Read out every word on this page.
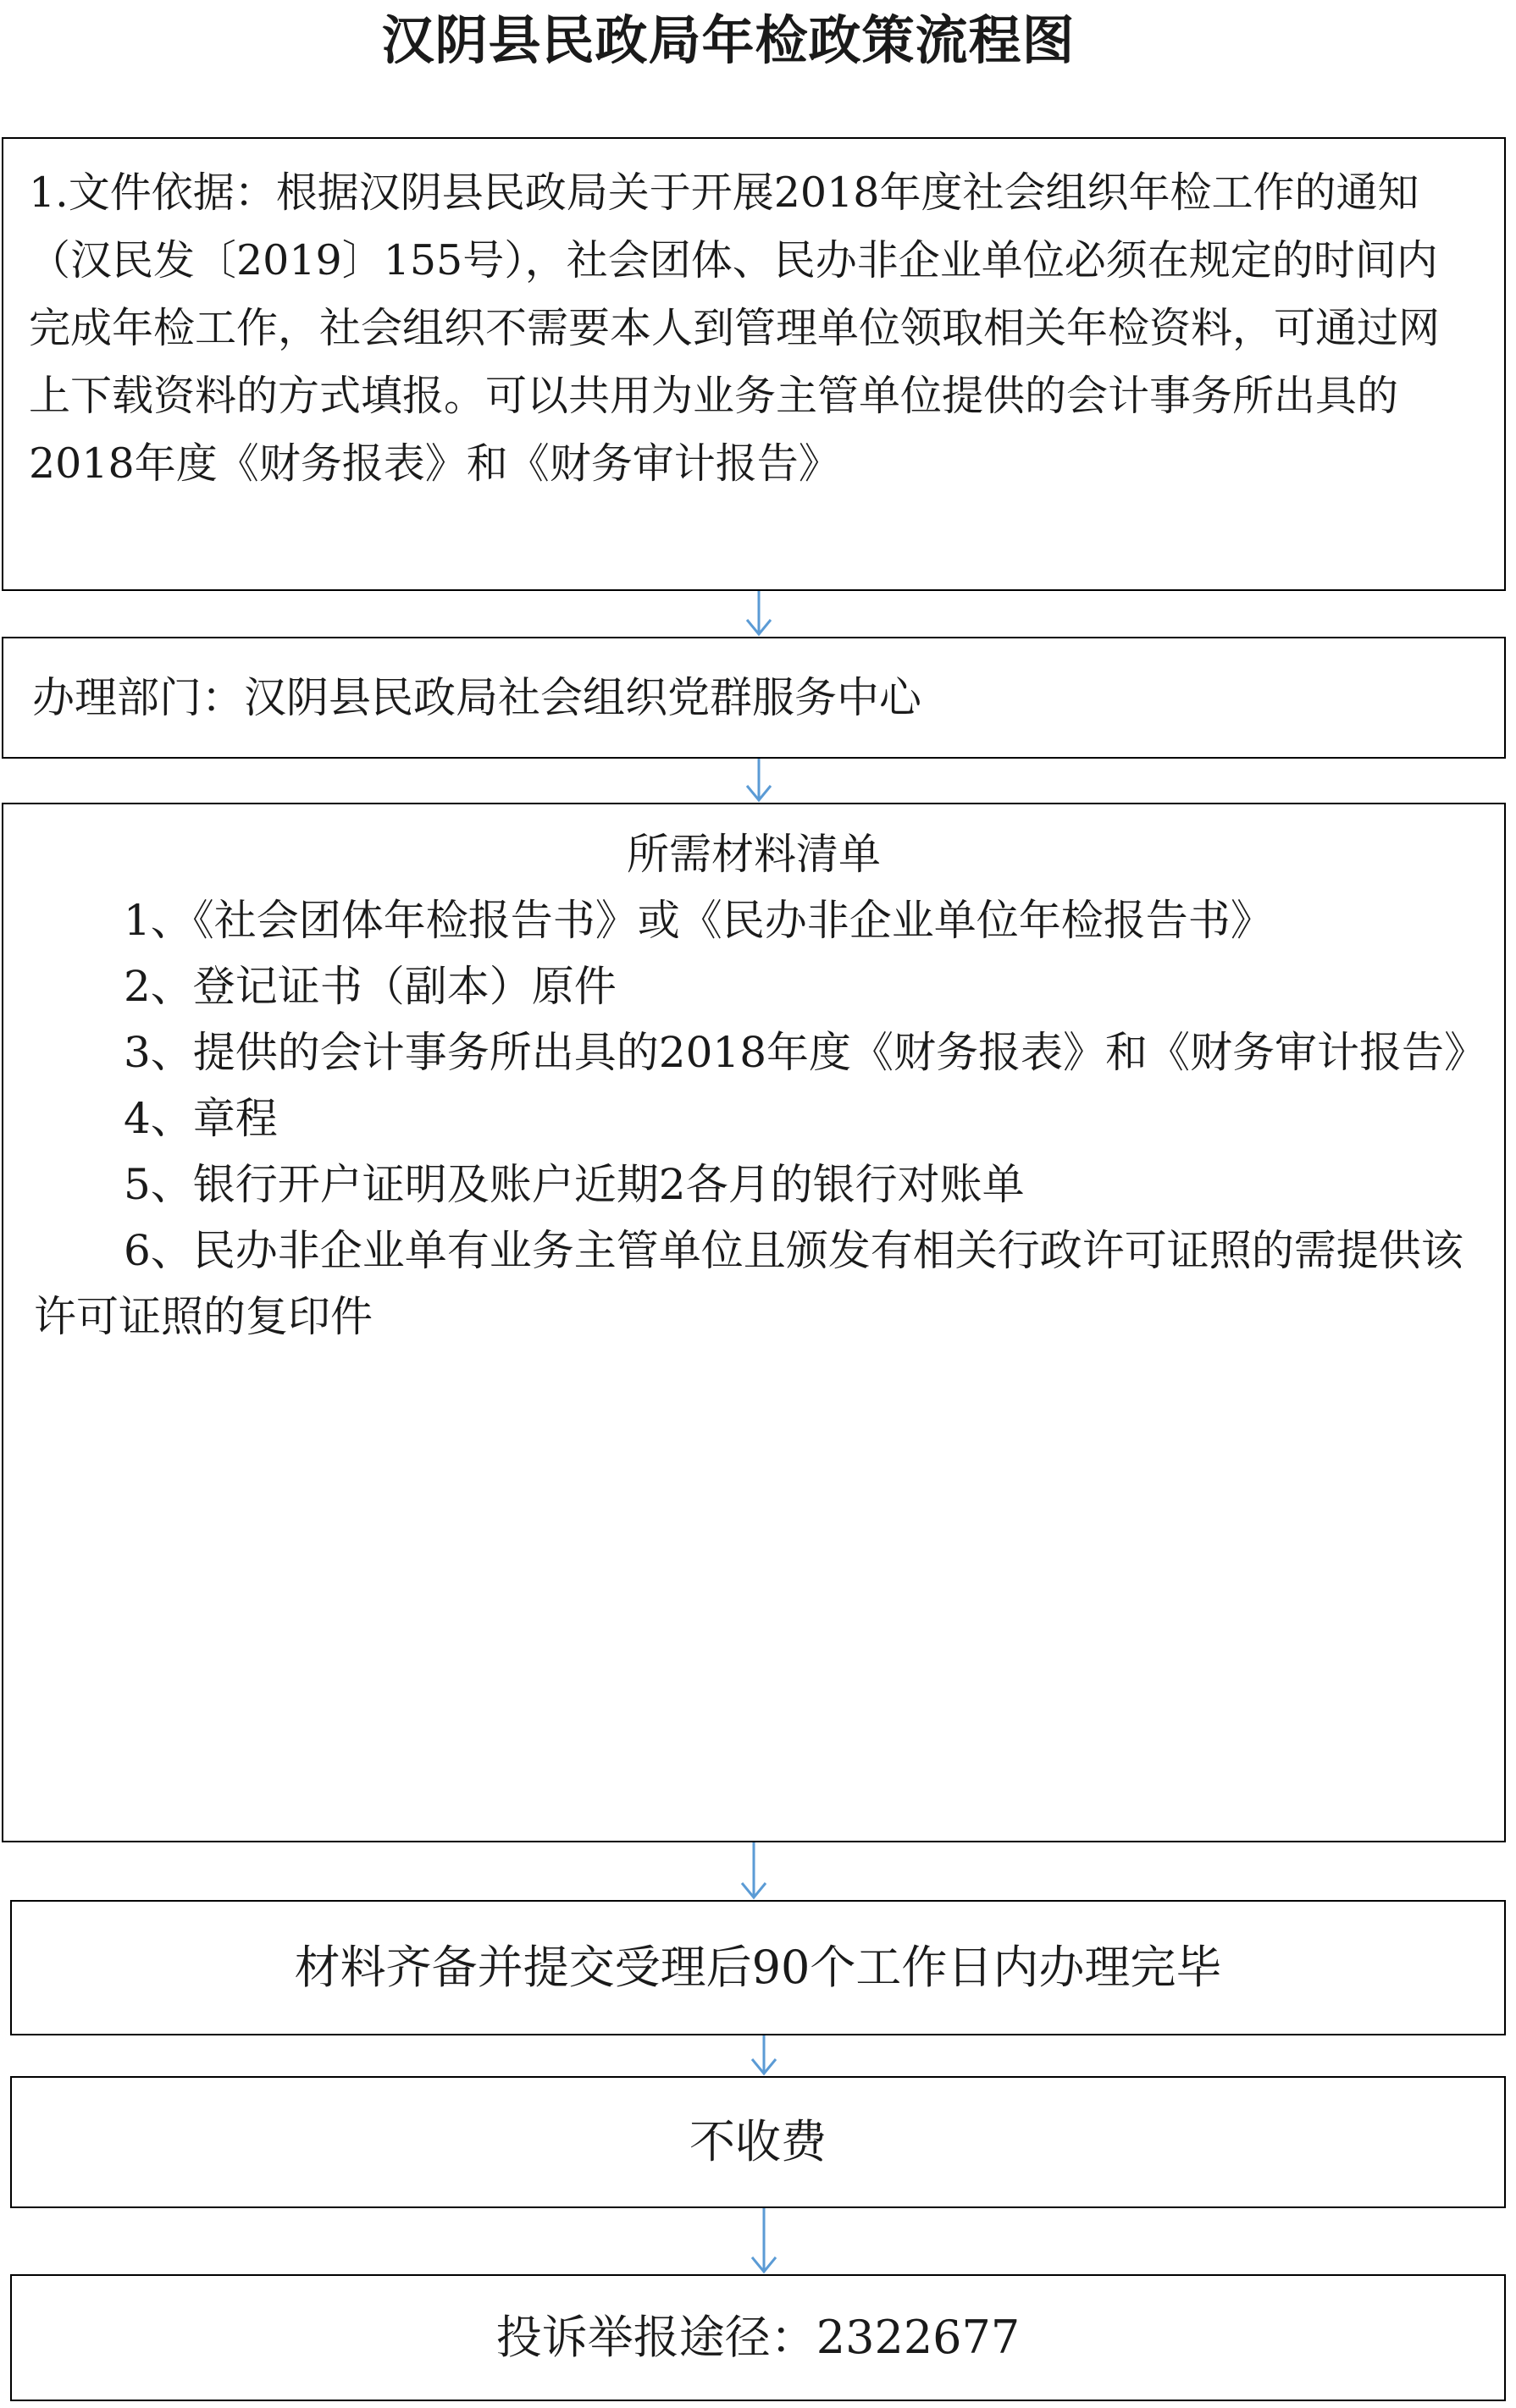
汉阴县民政局年检政策流程图

1.文件依据：根据汉阴县民政局关于开展2018年度社会组织年检工作的通知（汉民发〔2019〕155号），社会团体、民办非企业单位必须在规定的时间内完成年检工作，社会组织不需要本人到管理单位领取相关年检资料，可通过网上下载资料的方式填报。可以共用为业务主管单位提供的会计事务所出具的2018年度《财务报表》和《财务审计报告》

办理部门：汉阴县民政局社会组织党群服务中心

所需材料清单

1、《社会团体年检报告书》或《民办非企业单位年检报告书》

2、登记证书（副本）原件

3、提供的会计事务所出具的2018年度《财务报表》和《财务审计报告》

4、章程

5、银行开户证明及账户近期2各月的银行对账单

6、民办非企业单有业务主管单位且颁发有相关行政许可证照的需提供该许可证照的复印件

材料齐备并提交受理后90个工作日内办理完毕

不收费

投诉举报途径：2322677
